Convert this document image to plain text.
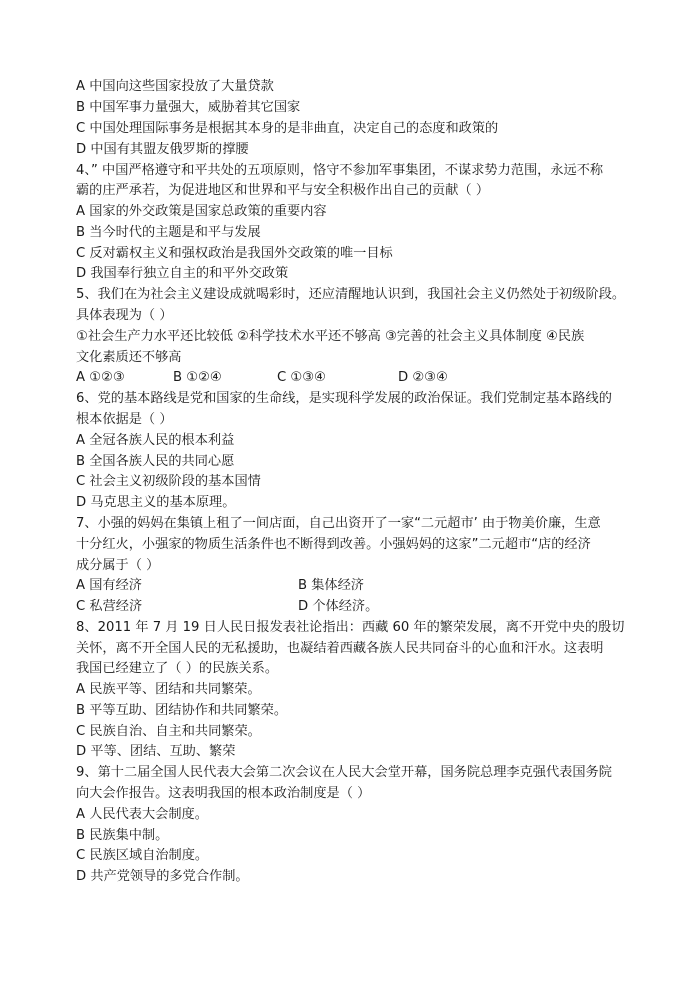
A 中国向这些国家投放了大量贷款
B 中国军事力量强大，威胁着其它国家
C 中国处理国际事务是根据其本身的是非曲直，决定自己的态度和政策的
D 中国有其盟友俄罗斯的撑腰
4、” 中国严格遵守和平共处的五项原则，恪守不参加军事集团，不谋求势力范围，永远不称
霸的庄严承若，为促进地区和世界和平与安全积极作出自己的贡献（ ）
A 国家的外交政策是国家总政策的重要内容
B 当今时代的主题是和平与发展
C 反对霸权主义和强权政治是我国外交政策的唯一目标
D 我国奉行独立自主的和平外交政策
5、我们在为社会主义建设成就喝彩时，还应清醒地认识到，我国社会主义仍然处于初级阶段。
具体表现为（ ）
①社会生产力水平还比较低 ②科学技术水平还不够高 ③完善的社会主义具体制度 ④民族
文化素质还不够高
A ①②③	B ①②④	C ①③④	D ②③④
6、党的基本路线是党和国家的生命线，是实现科学发展的政治保证。我们党制定基本路线的
根本依据是（ ）
A 全冠各族人民的根本利益
B 全国各族人民的共同心愿
C 社会主义初级阶段的基本国情
D 马克思主义的基本原理。
7、小强的妈妈在集镇上租了一间店面，自己出资开了一家“二元超市’ 由于物美价廉，生意
十分红火，小强家的物质生活条件也不断得到改善。小强妈妈的这家”二元超市“店的经济
成分属于（ ）
A 国有经济	B 集体经济
C 私营经济	D 个体经济。
8、2011 年 7 月 19 日人民日报发表社论指出：西藏 60 年的繁荣发展，离不开党中央的殷切
关怀，离不开全国人民的无私援助，也凝结着西藏各族人民共同奋斗的心血和汗水。这表明
我国已经建立了（ ）的民族关系。
A 民族平等、团结和共同繁荣。
B 平等互助、团结协作和共同繁荣。
C 民族自治、自主和共同繁荣。
D 平等、团结、互助、繁荣
9、第十二届全国人民代表大会第二次会议在人民大会堂开幕，国务院总理李克强代表国务院
向大会作报告。这表明我国的根本政治制度是（ ）
A 人民代表大会制度。
B 民族集中制。
C 民族区域自治制度。
D 共产党领导的多党合作制。
